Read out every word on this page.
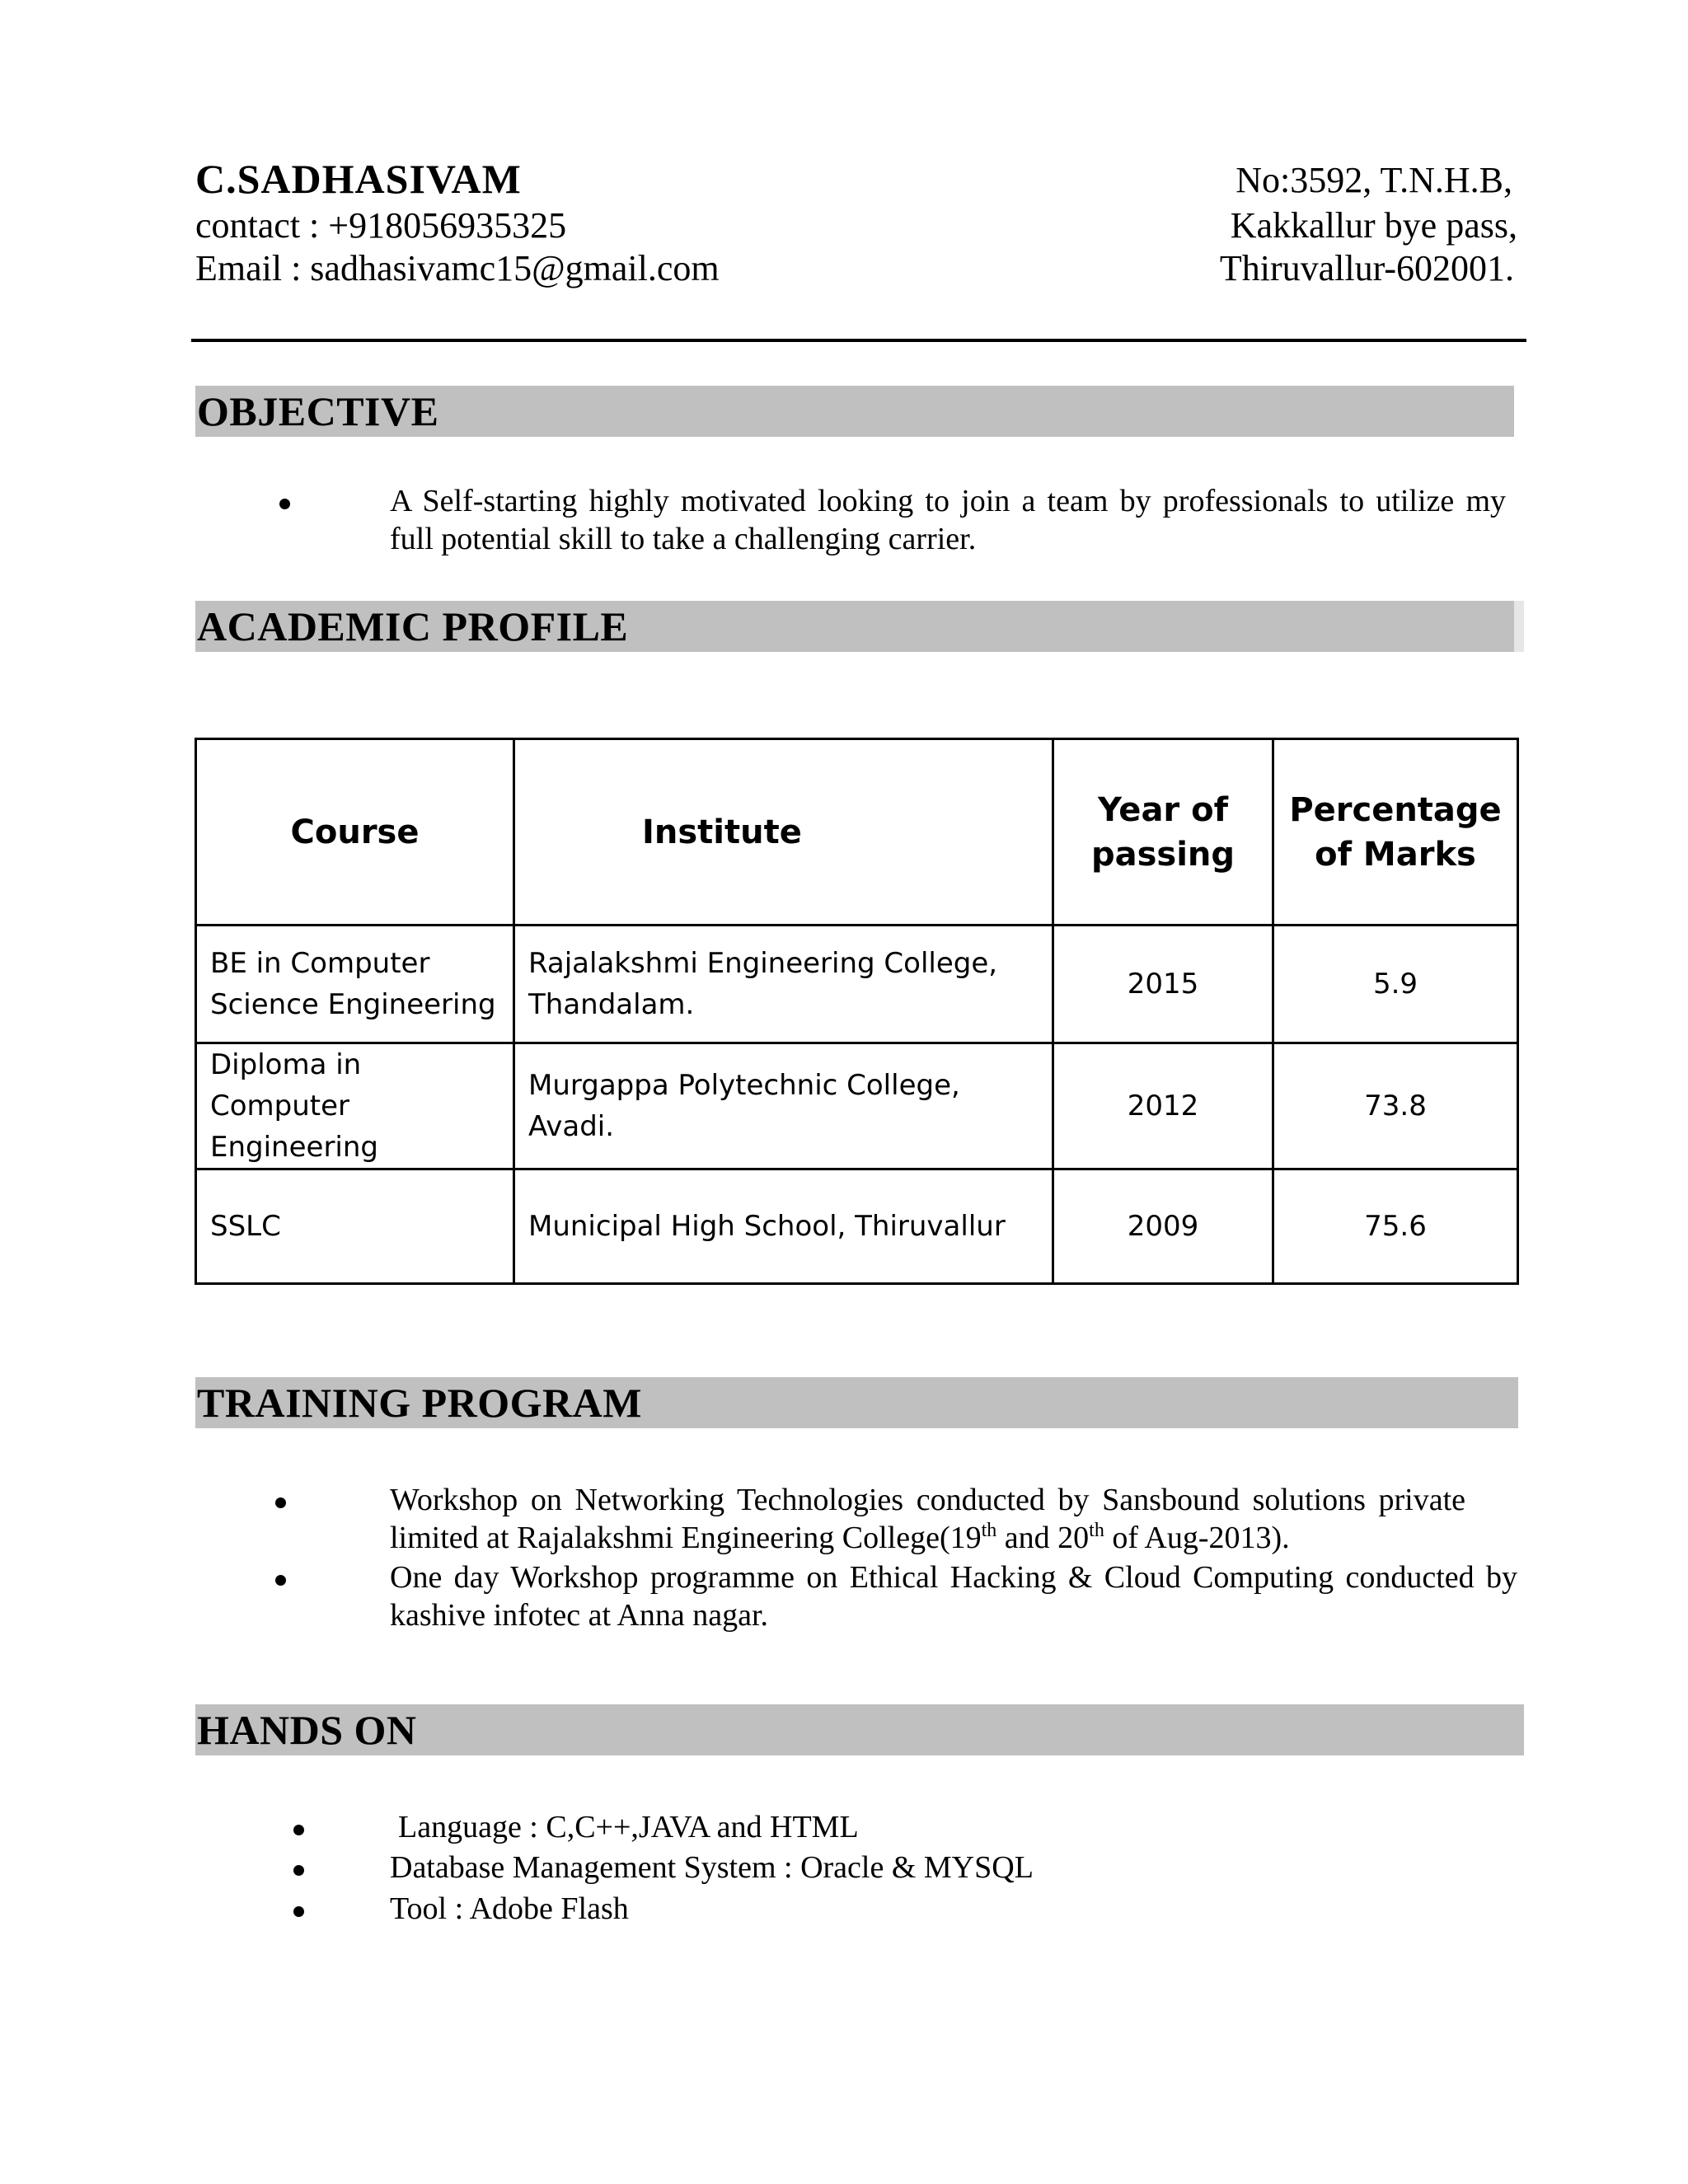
C.SADHASIVAM
contact : +918056935325
Email : sadhasivamc15@gmail.com
No:3592, T.N.H.B,
Kakkallur bye pass,
Thiruvallur-602001.
OBJECTIVE
A Self-starting highly motivated looking to join a team by professionals to utilize my full potential skill to take a challenging carrier.
ACADEMIC PROFILE
Course	Institute	Year of passing	Percentage of Marks
BE in Computer Science Engineering	Rajalakshmi Engineering College, Thandalam.	2015	5.9
Diploma in Computer Engineering	Murgappa Polytechnic College, Avadi.	2012	73.8
SSLC	Municipal High School, Thiruvallur	2009	75.6
TRAINING PROGRAM
Workshop on Networking Technologies conducted by Sansbound solutions private limited at Rajalakshmi Engineering College(19th and 20th of Aug-2013).
One day Workshop programme on Ethical Hacking & Cloud Computing conducted by kashive infotec at Anna nagar.
HANDS ON
Language : C,C++,JAVA and HTML
Database Management System : Oracle & MYSQL
Tool : Adobe Flash
